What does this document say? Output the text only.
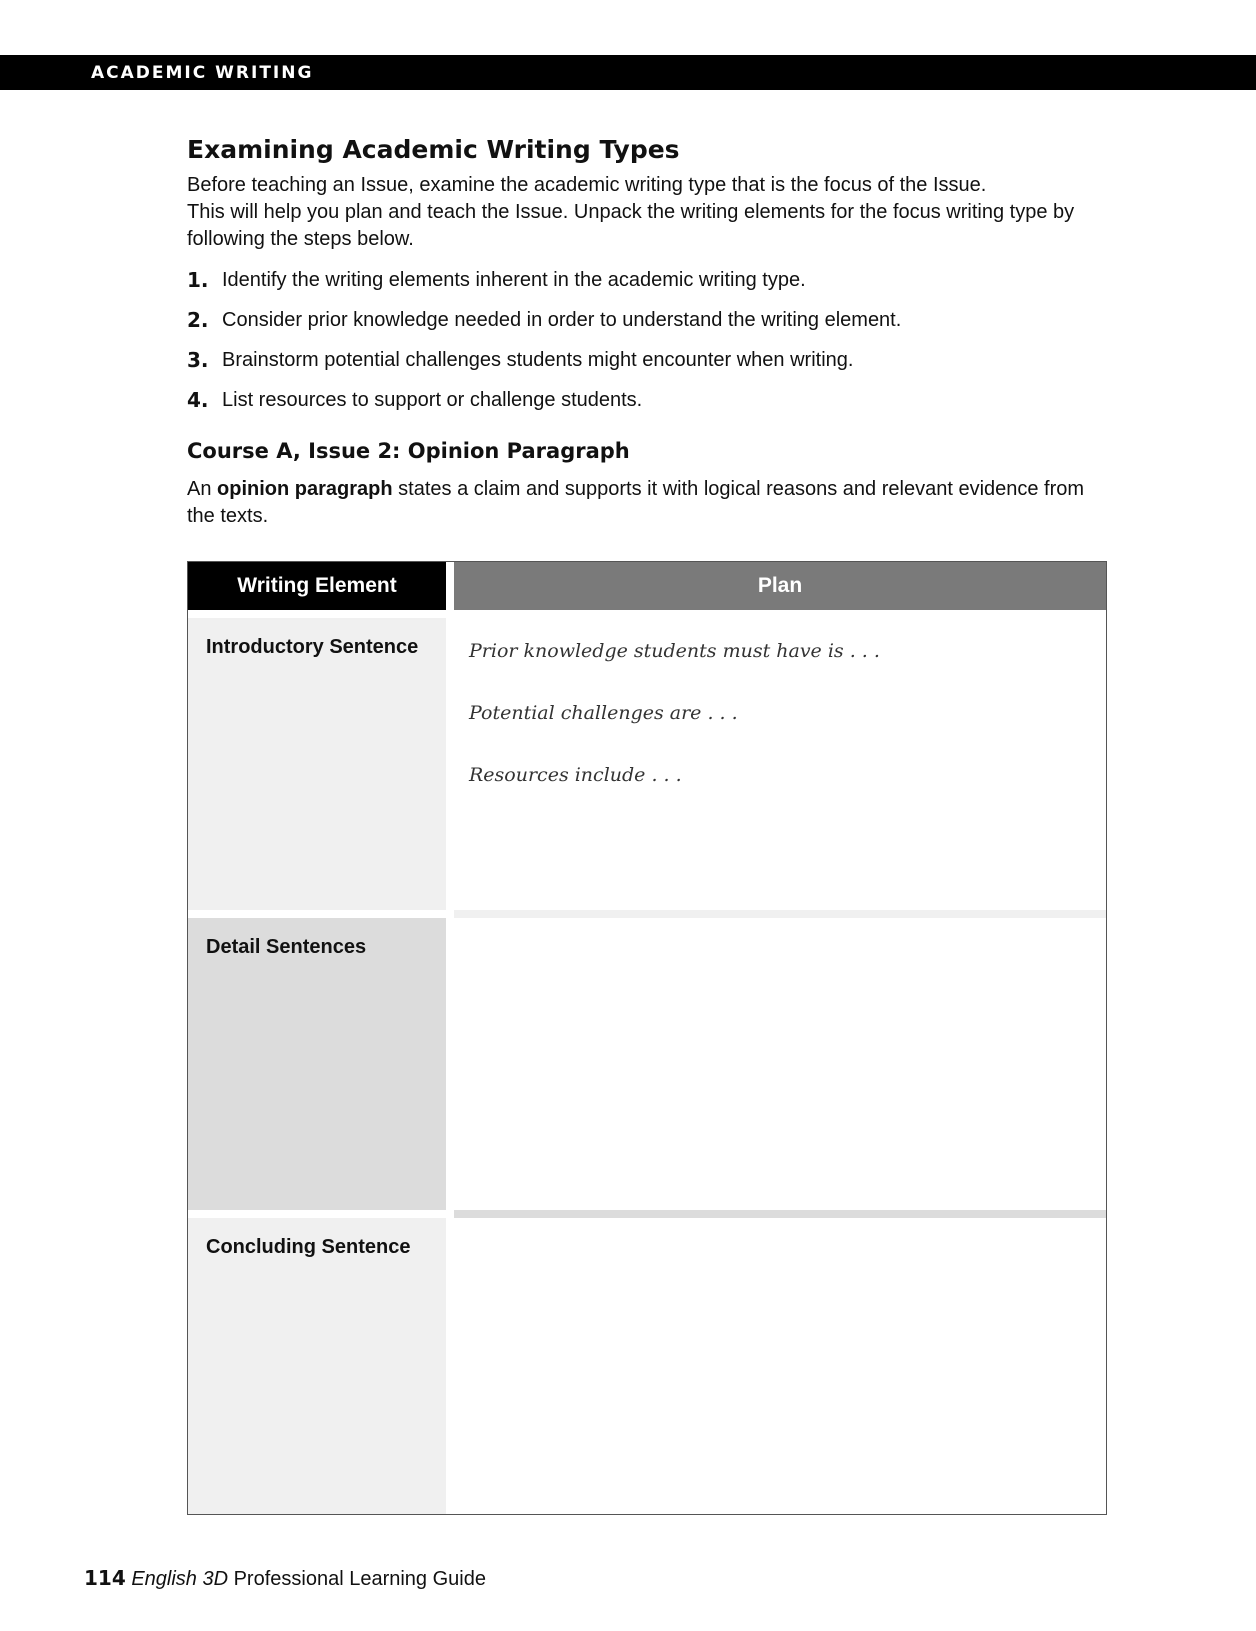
ACADEMIC WRITING
Examining Academic Writing Types

Before teaching an Issue, examine the academic writing type that is the focus of the Issue.
This will help you plan and teach the Issue. Unpack the writing elements for the focus writing type by following the steps below.

1. Identify the writing elements inherent in the academic writing type.
2. Consider prior knowledge needed in order to understand the writing element.
3. Brainstorm potential challenges students might encounter when writing.
4. List resources to support or challenge students.
Course A, Issue 2: Opinion Paragraph

An opinion paragraph states a claim and supports it with logical reasons and relevant evidence from the texts.

Writing Element	Plan
Introductory Sentence	Prior knowledge students must have is . . .
Potential challenges are . . .
Resources include . . .
Detail Sentences
Concluding Sentence
114 English 3D Professional Learning Guide
